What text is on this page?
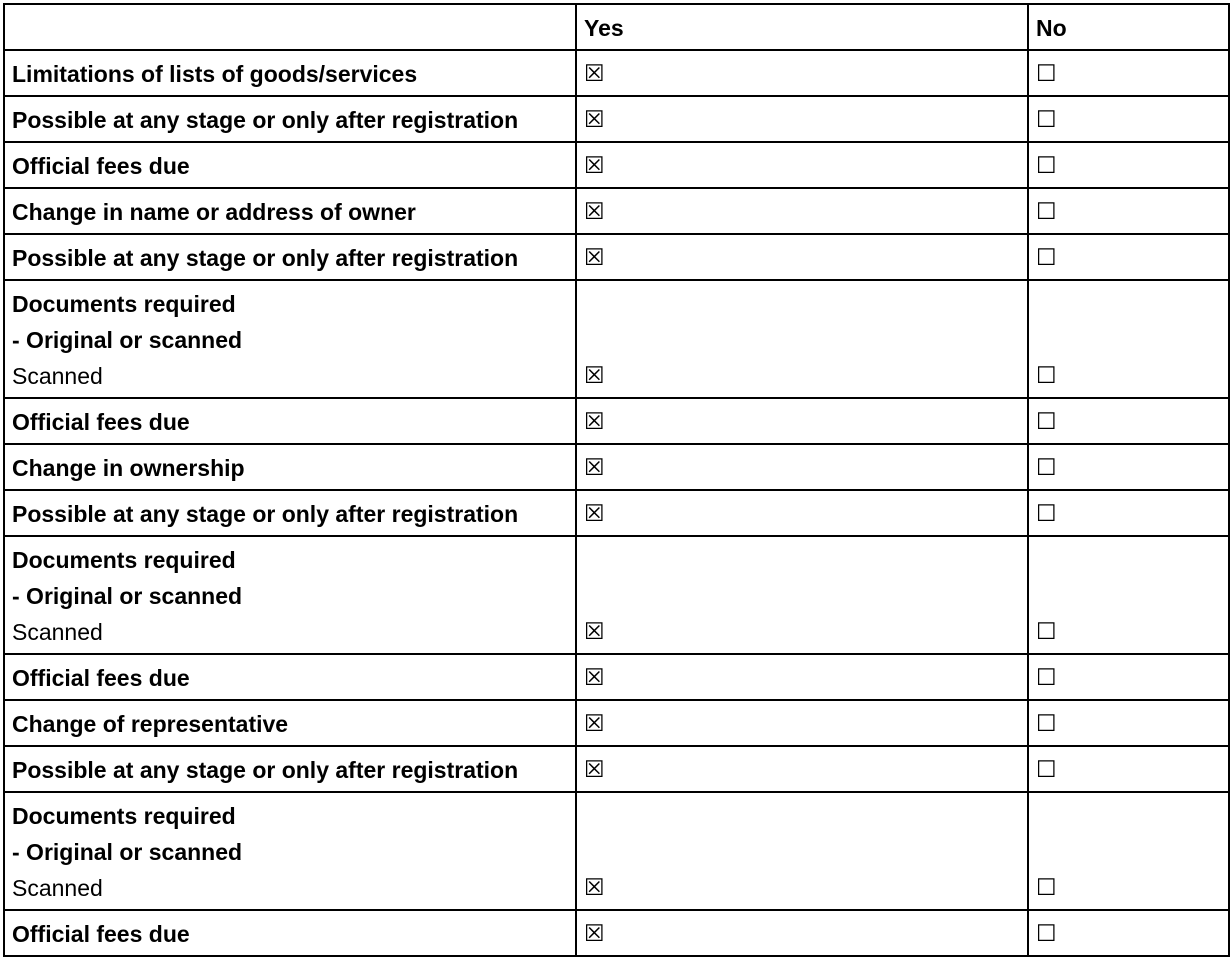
	Yes	No

Limitations of lists of goods/services	☒	☐

Possible at any stage or only after registration	☒	☐

Official fees due	☒	☐

Change in name or address of owner	☒	☐

Possible at any stage or only after registration	☒	☐

Documents required
- Original or scanned
Scanned	☒	☐

Official fees due	☒	☐

Change in ownership	☒	☐

Possible at any stage or only after registration	☒	☐

Documents required
- Original or scanned
Scanned	☒	☐

Official fees due	☒	☐

Change of representative	☒	☐

Possible at any stage or only after registration	☒	☐

Documents required
- Original or scanned
Scanned	☒	☐

Official fees due	☒	☐
